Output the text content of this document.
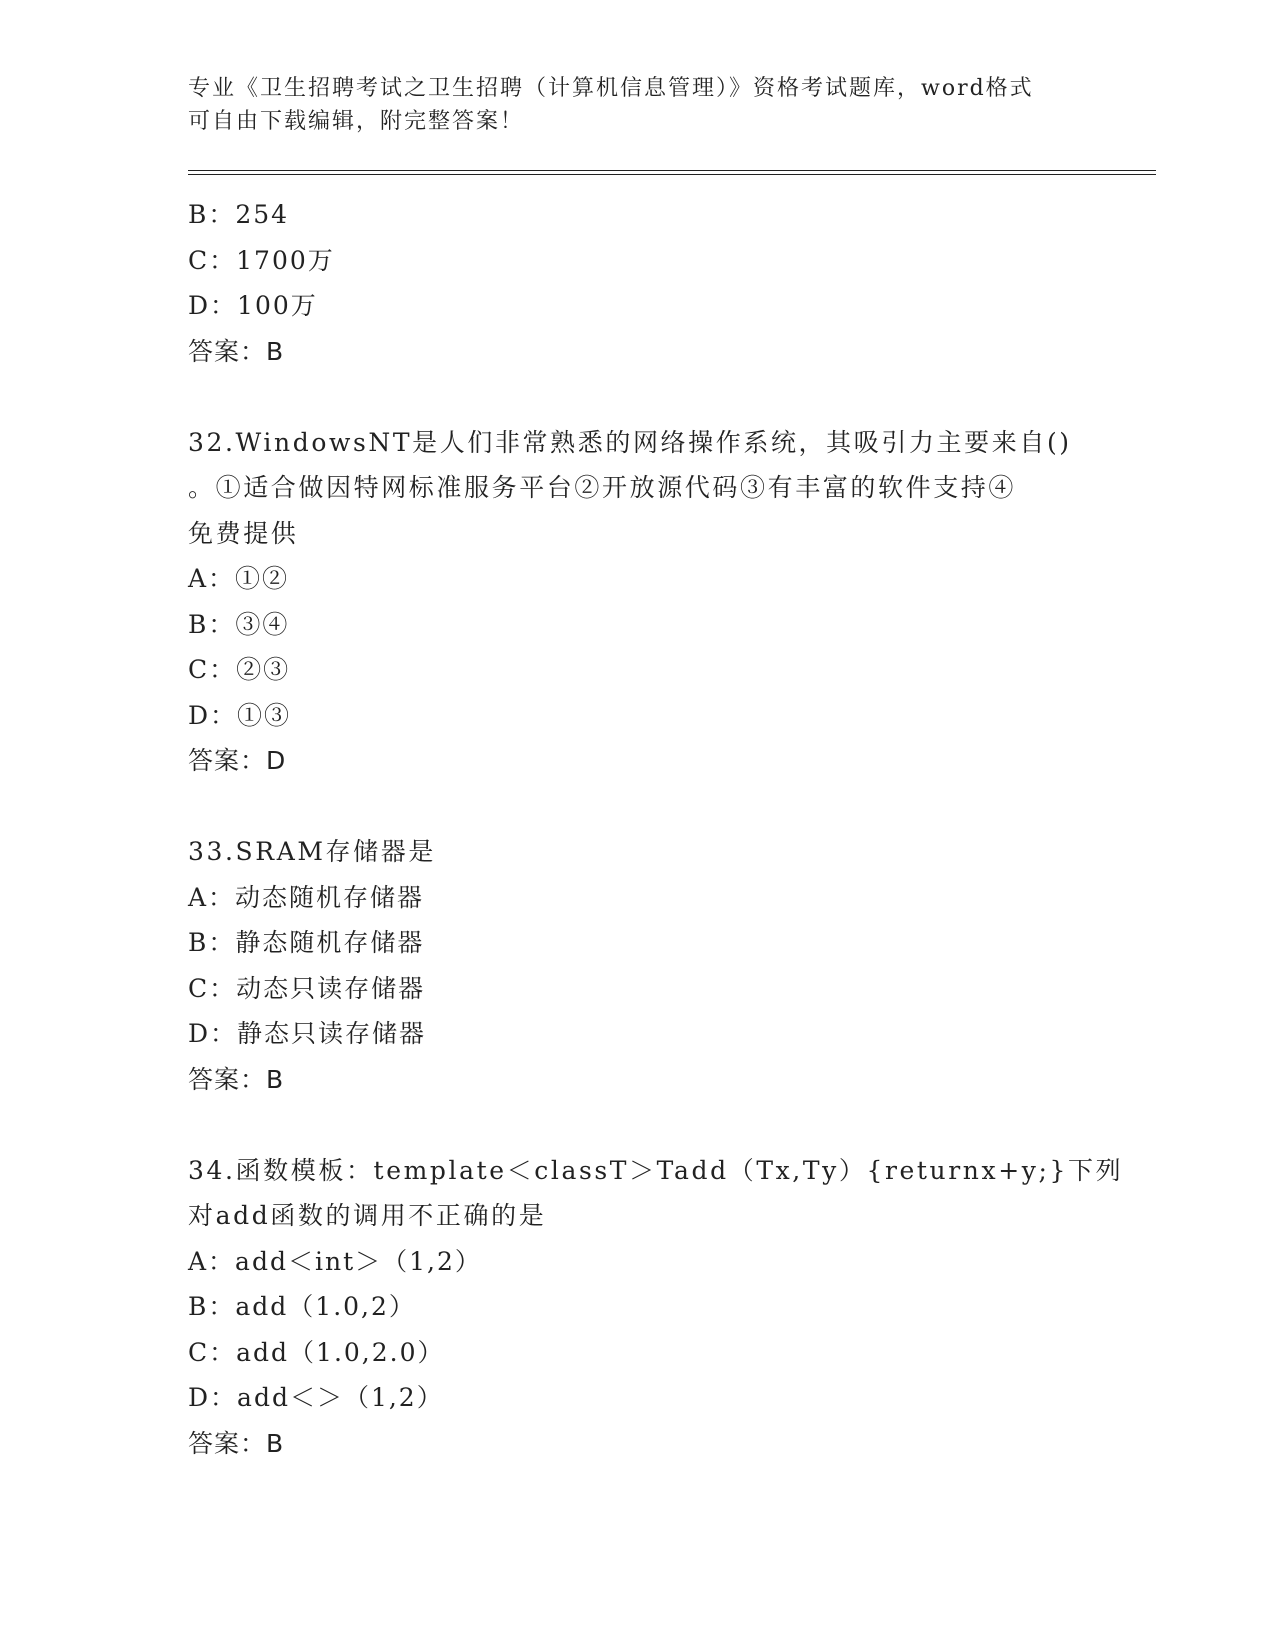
专业《卫生招聘考试之卫生招聘（计算机信息管理）》资格考试题库，word格式
可自由下载编辑，附完整答案！
B：254
C：1700万
D：100万
答案：B
32.WindowsNT是人们非常熟悉的网络操作系统，其吸引力主要来自()
。①适合做因特网标准服务平台②开放源代码③有丰富的软件支持④
免费提供
A：①②
B：③④
C：②③
D：①③
答案：D
33.SRAM存储器是
A：动态随机存储器
B：静态随机存储器
C：动态只读存储器
D：静态只读存储器
答案：B
34.函数模板：template＜classT＞Tadd（Tx,Ty）{returnx+y;}下列
对add函数的调用不正确的是
A：add＜int＞（1,2）
B：add（1.0,2）
C：add（1.0,2.0）
D：add＜＞（1,2）
答案：B
